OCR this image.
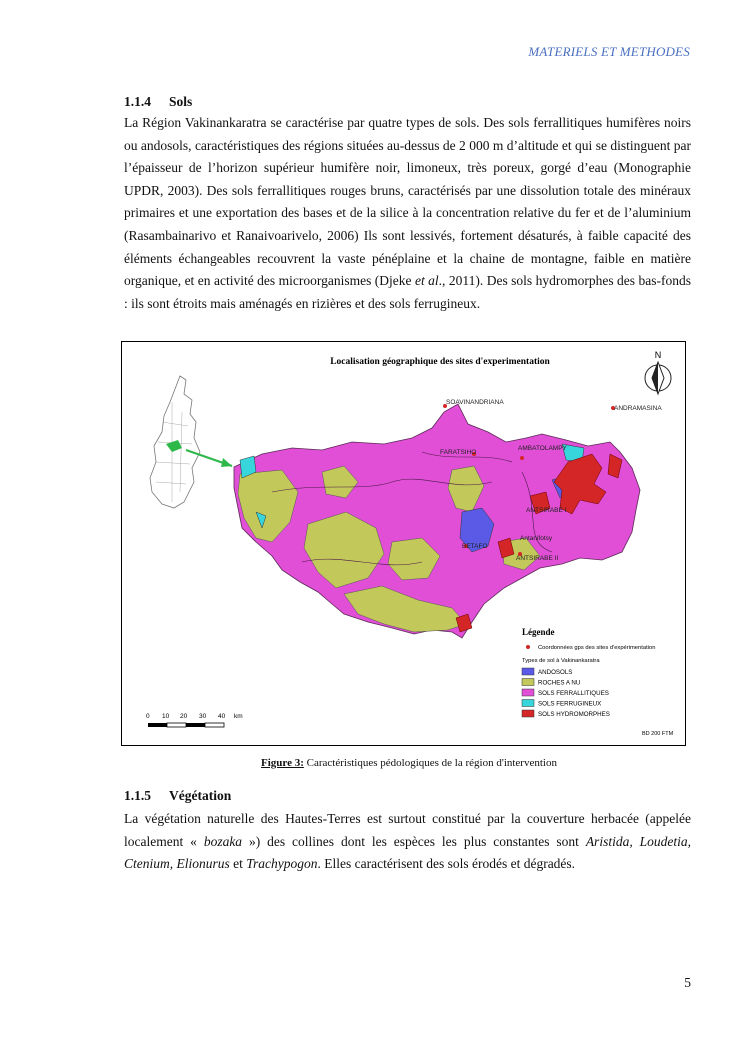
MATERIELS ET METHODES
1.1.4 Sols

La Région Vakinankaratra se caractérise par quatre types de sols. Des sols ferrallitiques humifères noirs ou andosols, caractéristiques des régions situées au-dessus de 2 000 m d’altitude et qui se distinguent par l’épaisseur de l’horizon supérieur humifère noir, limoneux, très poreux, gorgé d’eau (Monographie UPDR, 2003). Des sols ferrallitiques rouges bruns, caractérisés par une dissolution totale des minéraux primaires et une exportation des bases et de la silice à la concentration relative du fer et de l’aluminium (Rasambainarivo et Ranaivoarivelo, 2006) Ils sont lessivés, fortement désaturés, à faible capacité des éléments échangeables recouvrent la vaste pénéplaine et la chaine de montagne, faible en matière organique, et en activité des microorganismes (Djeke et al., 2011). Des sols hydromorphes des bas-fonds : ils sont étroits mais aménagés en rizières et des sols ferrugineux.

SOAVINANDRIANA
ANDRAMASINA
FARATSIHO
AMBATOLAMPY
ANTSIRABE I
BETAFO
Antanifotsy
ANTSIRABE II
Localisation géographique des sites d'experimentation
N
Légende
Coordonnées gps des sites d'expérimentation
Types de sol à Vakinankaratra
ANDOSOLS
ROCHES A NU
SOLS FERRALLITIQUES
SOLS FERRUGINEUX
SOLS HYDROMORPHES
BD 200 FTM
0 10 20 30 40 km
Figure 3: Caractéristiques pédologiques de la région d'intervention
1.1.5 Végétation

La végétation naturelle des Hautes-Terres est surtout constitué par la couverture herbacée (appelée localement « bozaka ») des collines dont les espèces les plus constantes sont Aristida, Loudetia, Ctenium, Elionurus et Trachypogon. Elles caractérisent des sols érodés et dégradés.

5
